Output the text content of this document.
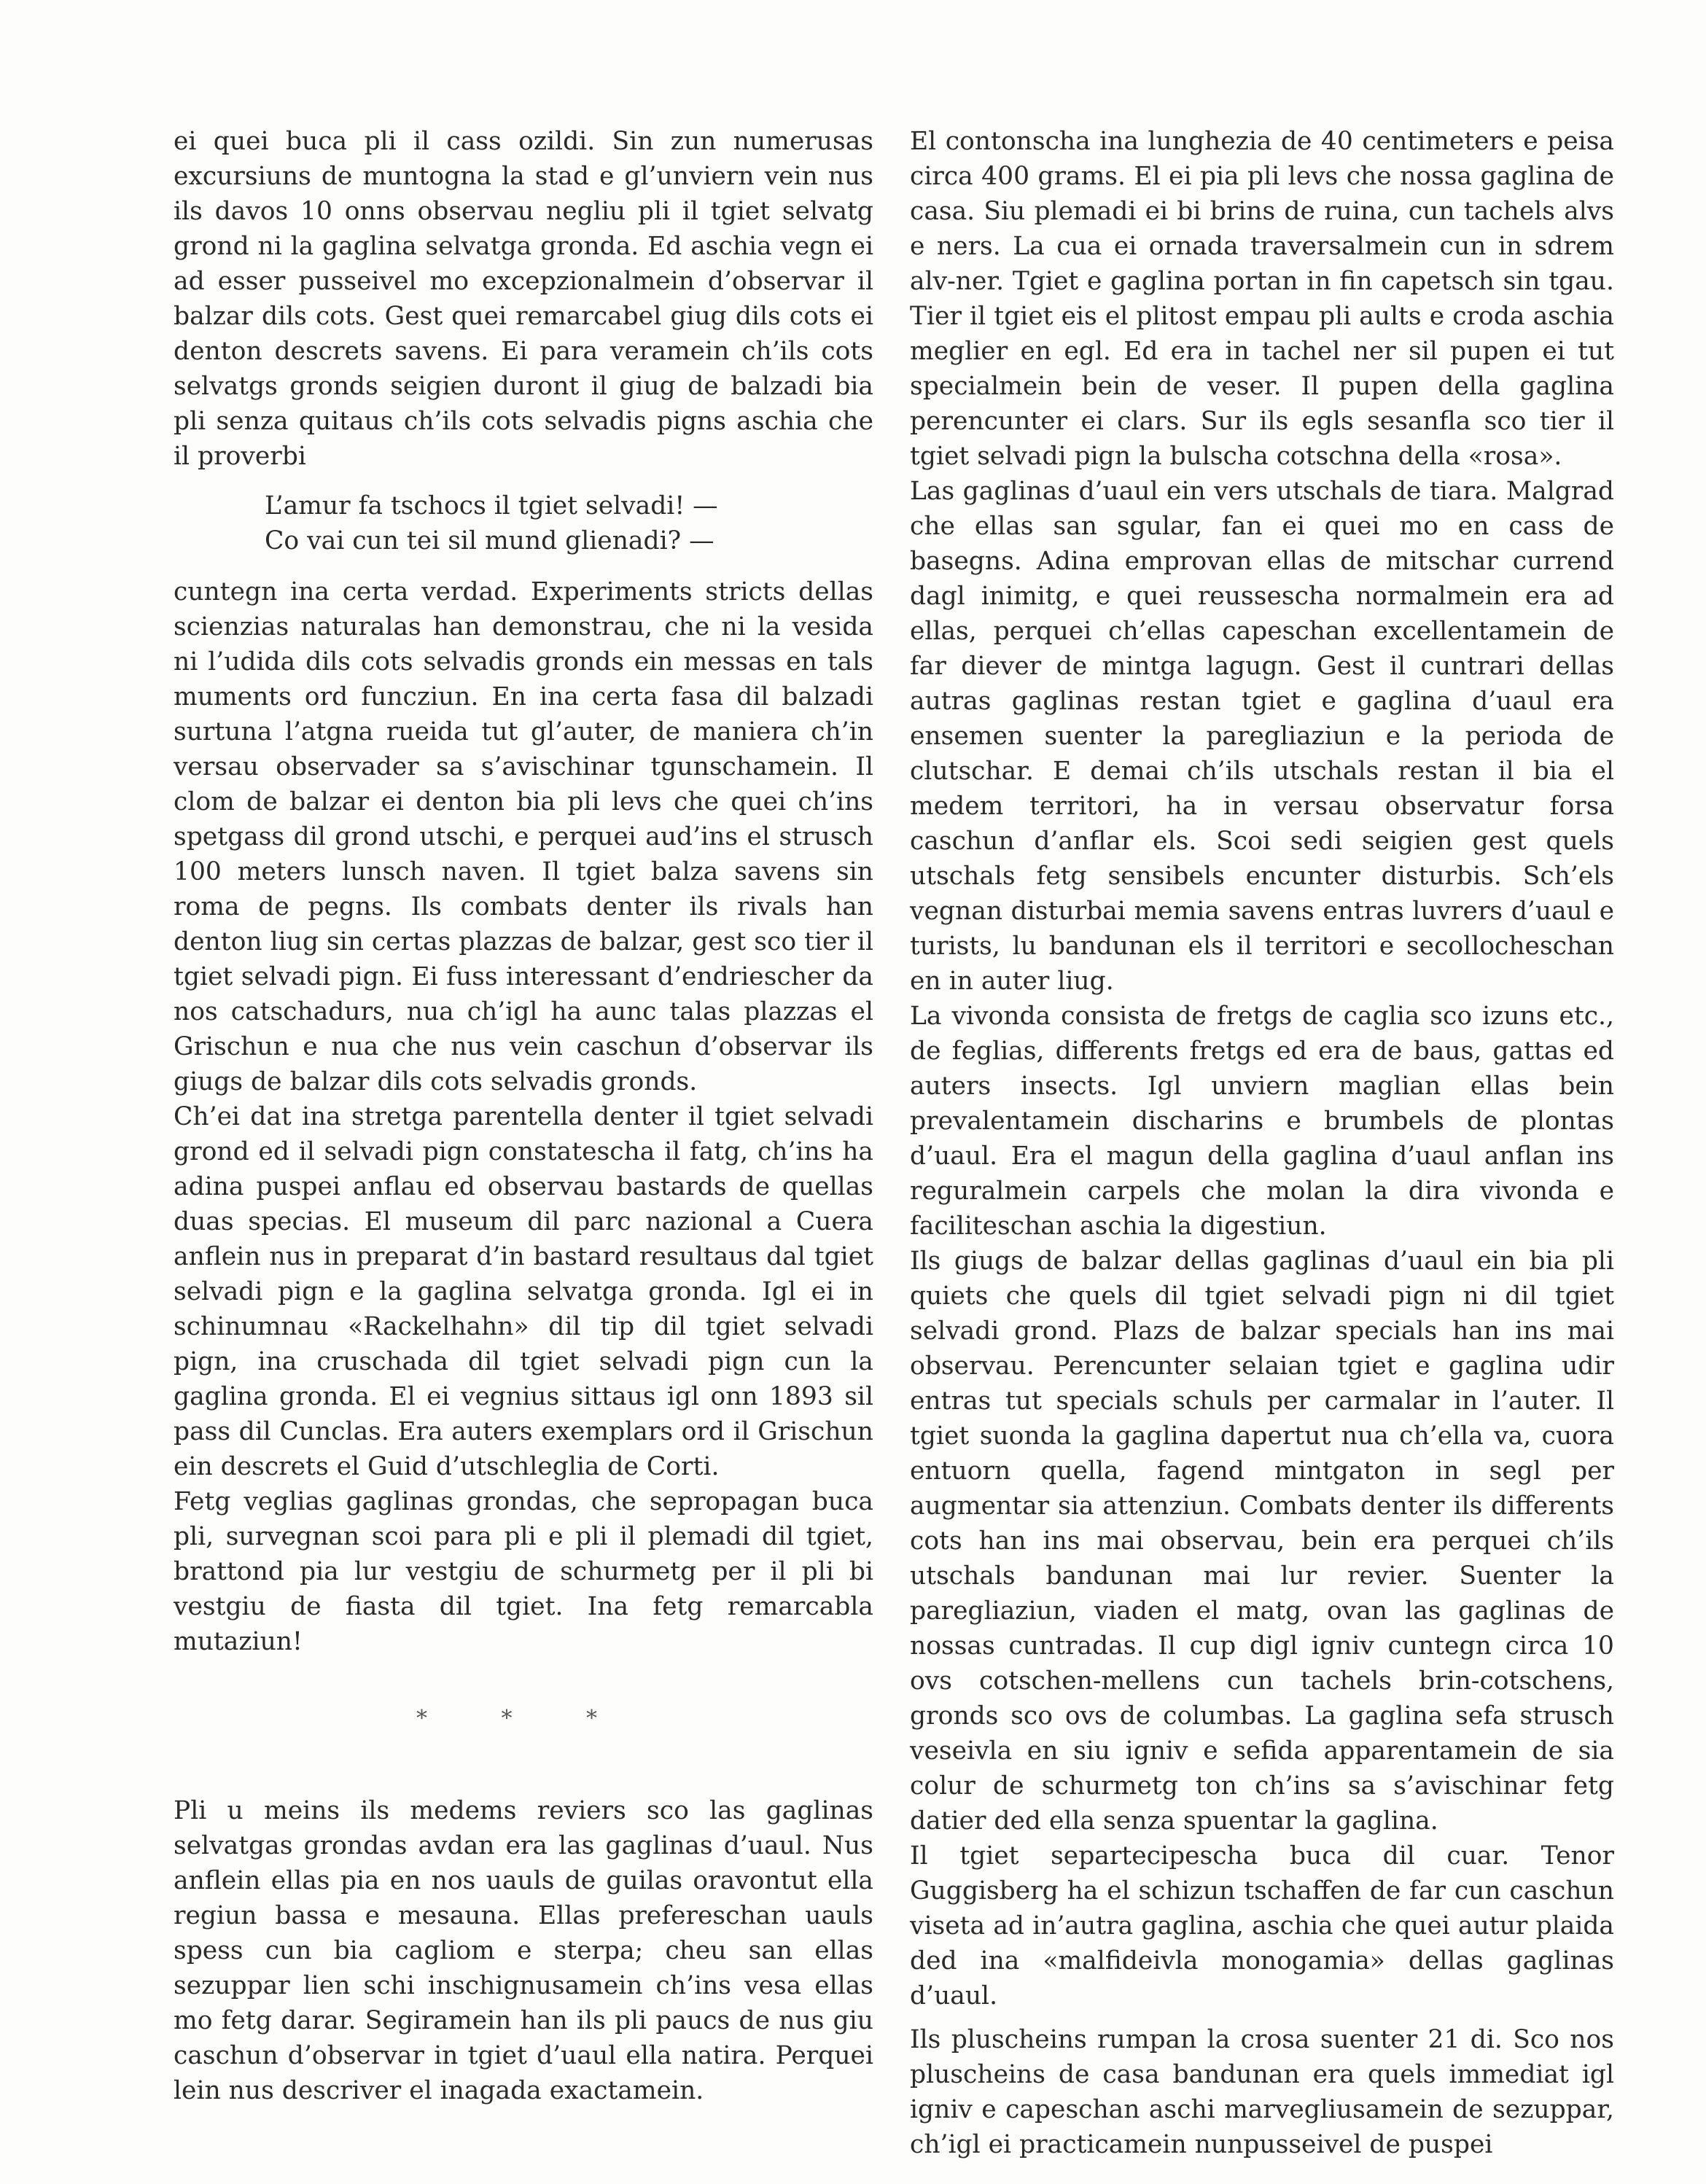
ei quei buca pli il cass ozildi. Sin zun numerusas excursiuns de muntogna la stad e gl’unviern vein nus ils davos 10 onns observau negliu pli il tgiet selvatg grond ni la gaglina selvatga gronda. Ed aschia vegn ei ad esser pusseivel mo excepzionalmein d’observar il balzar dils cots. Gest quei remarcabel giug dils cots ei denton descrets savens. Ei para veramein ch’ils cots selvatgs gronds seigien duront il giug de balzadi bia pli senza quitaus ch’ils cots selvadis pigns aschia che il proverbi

L’amur fa tschocs il tgiet selvadi! —
Co vai cun tei sil mund glienadi? —

cuntegn ina certa verdad. Experiments stricts dellas scienzias naturalas han demonstrau, che ni la vesida ni l’udida dils cots selvadis gronds ein messas en tals muments ord funcziun. En ina certa fasa dil balzadi surtuna l’atgna rueida tut gl’auter, de maniera ch’in versau observader sa s’avischinar tgunschamein. Il clom de balzar ei denton bia pli levs che quei ch’ins spetgass dil grond utschi, e perquei aud’ins el strusch 100 meters lunsch naven. Il tgiet balza savens sin roma de pegns. Ils combats denter ils rivals han denton liug sin certas plazzas de balzar, gest sco tier il tgiet selvadi pign. Ei fuss interessant d’endriescher da nos catschadurs, nua ch’igl ha aunc talas plazzas el Grischun e nua che nus vein caschun d’observar ils giugs de balzar dils cots selvadis gronds.

Ch’ei dat ina stretga parentella denter il tgiet selvadi grond ed il selvadi pign constatescha il fatg, ch’ins ha adina puspei anflau ed observau bastards de quellas duas specias. El museum dil parc nazional a Cuera anflein nus in preparat d’in bastard resultaus dal tgiet selvadi pign e la gaglina selvatga gronda. Igl ei in schinumnau «Rackelhahn» dil tip dil tgiet selvadi pign, ina cruschada dil tgiet selvadi pign cun la gaglina gronda. El ei vegnius sittaus igl onn 1893 sil pass dil Cunclas. Era auters exemplars ord il Grischun ein descrets el Guid d’utschleglia de Corti.

Fetg veglias gaglinas grondas, che sepropagan buca pli, survegnan scoi para pli e pli il plemadi dil tgiet, brattond pia lur vestgiu de schurmetg per il pli bi vestgiu de fiasta dil tgiet. Ina fetg remarcabla mutaziun!

* * *

Pli u meins ils medems reviers sco las gaglinas selvatgas grondas avdan era las gaglinas d’uaul. Nus anflein ellas pia en nos uauls de guilas oravontut ella regiun bassa e mesauna. Ellas prefereschan uauls spess cun bia cagliom e sterpa; cheu san ellas sezuppar lien schi inschignusamein ch’ins vesa ellas mo fetg darar. Segiramein han ils pli paucs de nus giu caschun d’observar in tgiet d’uaul ella natira. Perquei lein nus descriver el inagada exactamein.

El contonscha ina lunghezia de 40 centimeters e peisa circa 400 grams. El ei pia pli levs che nossa gaglina de casa. Siu plemadi ei bi brins de ruina, cun tachels alvs e ners. La cua ei ornada traversalmein cun in sdrem alv-ner. Tgiet e gaglina portan in fin capetsch sin tgau. Tier il tgiet eis el plitost empau pli aults e croda aschia meglier en egl. Ed era in tachel ner sil pupen ei tut specialmein bein de veser. Il pupen della gaglina perencunter ei clars. Sur ils egls sesanfla sco tier il tgiet selvadi pign la bulscha cotschna della «rosa».

Las gaglinas d’uaul ein vers utschals de tiara. Malgrad che ellas san sgular, fan ei quei mo en cass de basegns. Adina emprovan ellas de mitschar currend dagl inimitg, e quei reussescha normalmein era ad ellas, perquei ch’ellas capeschan excellentamein de far diever de mintga lagugn. Gest il cuntrari dellas autras gaglinas restan tgiet e gaglina d’uaul era ensemen suenter la paregliaziun e la perioda de clutschar. E demai ch’ils utschals restan il bia el medem territori, ha in versau observatur forsa caschun d’anflar els. Scoi sedi seigien gest quels utschals fetg sensibels encunter disturbis. Sch’els vegnan disturbai memia savens entras luvrers d’uaul e turists, lu bandunan els il territori e secollocheschan en in auter liug.

La vivonda consista de fretgs de caglia sco izuns etc., de feglias, differents fretgs ed era de baus, gattas ed auters insects. Igl unviern maglian ellas bein prevalentamein discharins e brumbels de plontas d’uaul. Era el magun della gaglina d’uaul anflan ins reguralmein carpels che molan la dira vivonda e faciliteschan aschia la digestiun.

Ils giugs de balzar dellas gaglinas d’uaul ein bia pli quiets che quels dil tgiet selvadi pign ni dil tgiet selvadi grond. Plazs de balzar specials han ins mai observau. Perencunter selaian tgiet e gaglina udir entras tut specials schuls per carmalar in l’auter. Il tgiet suonda la gaglina dapertut nua ch’ella va, cuora entuorn quella, fagend mintgaton in segl per augmentar sia attenziun. Combats denter ils differents cots han ins mai observau, bein era perquei ch’ils utschals bandunan mai lur revier. Suenter la paregliaziun, viaden el matg, ovan las gaglinas de nossas cuntradas. Il cup digl igniv cuntegn circa 10 ovs cotschen-mellens cun tachels brin-cotschens, gronds sco ovs de columbas. La gaglina sefa strusch veseivla en siu igniv e sefida apparentamein de sia colur de schurmetg ton ch’ins sa s’avischinar fetg datier ded ella senza spuentar la gaglina.

Il tgiet separtecipescha buca dil cuar. Tenor Guggisberg ha el schizun tschaffen de far cun caschun viseta ad in’autra gaglina, aschia che quei autur plaida ded ina «malfideivla monogamia» dellas gaglinas d’uaul.

Ils pluscheins rumpan la crosa suenter 21 di. Sco nos pluscheins de casa bandunan era quels immediat igl igniv e capeschan aschi marvegliusamein de sezuppar, ch’igl ei practicamein nunpusseivel de puspei
